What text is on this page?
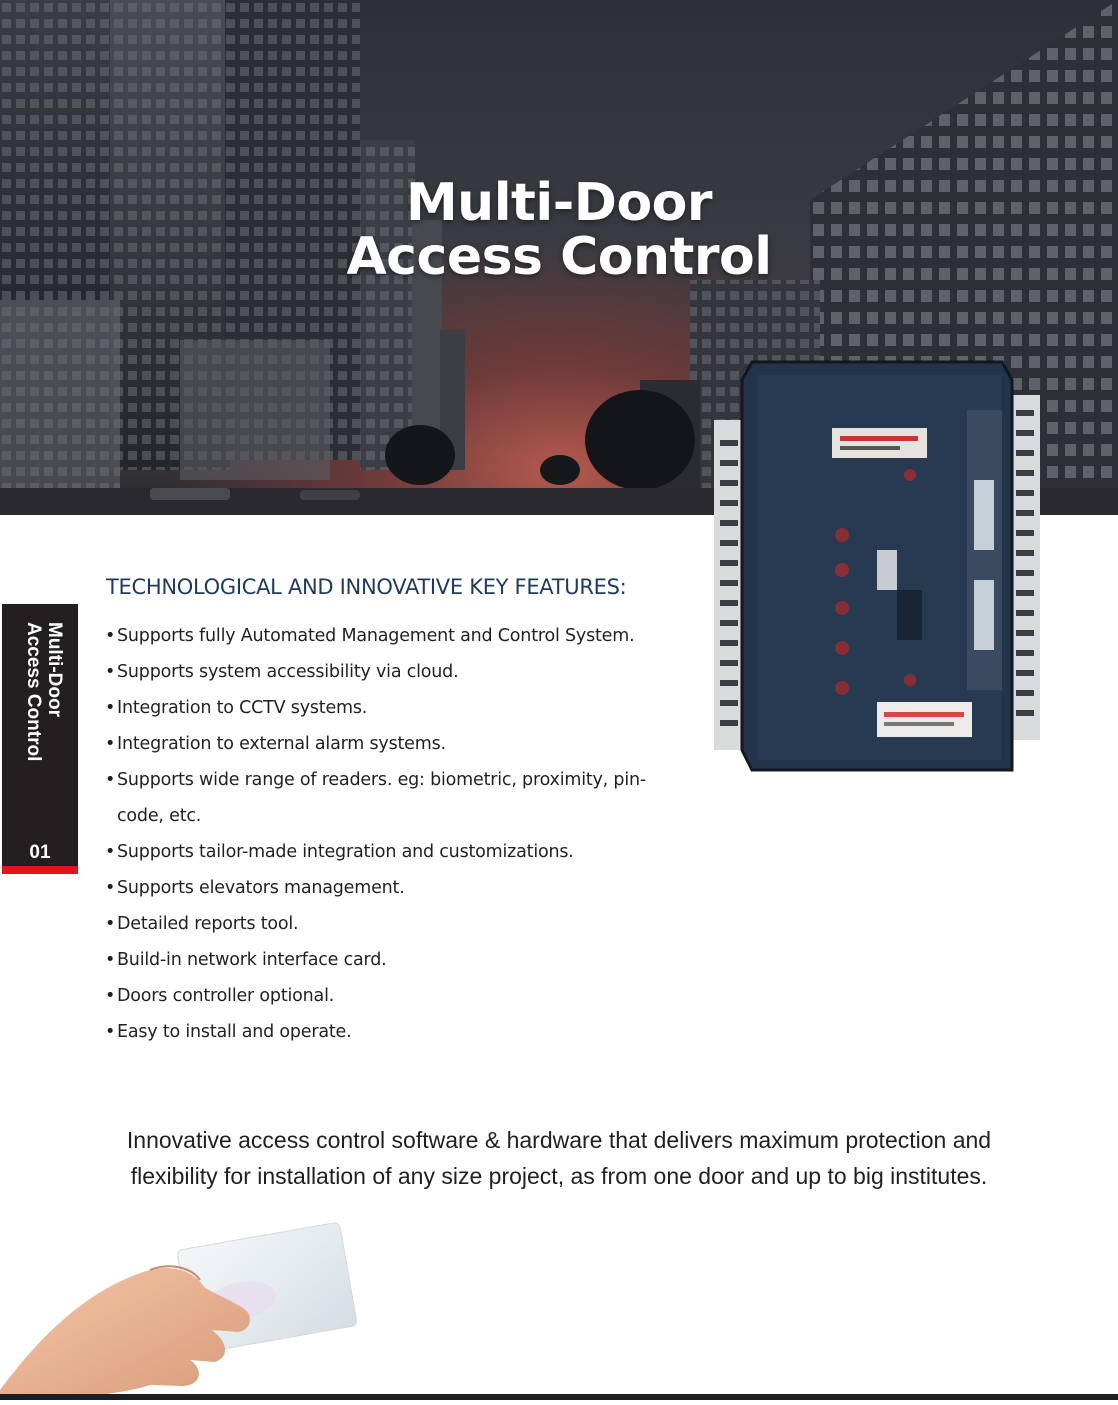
Multi-Door
Access Control
Multi-Door
Access Control
01
TECHNOLOGICAL AND INNOVATIVE KEY FEATURES:
• Supports fully Automated Management and Control System.
• Supports system accessibility via cloud.
• Integration to CCTV systems.
• Integration to external alarm systems.
• Supports wide range of readers. eg: biometric, proximity, pin-code, etc.
• Supports tailor-made integration and customizations.
• Supports elevators management.
• Detailed reports tool.
• Build-in network interface card.
• Doors controller optional.
• Easy to install and operate.

Innovative access control software & hardware that delivers maximum protection and flexibility for installation of any size project, as from one door and up to big institutes.
